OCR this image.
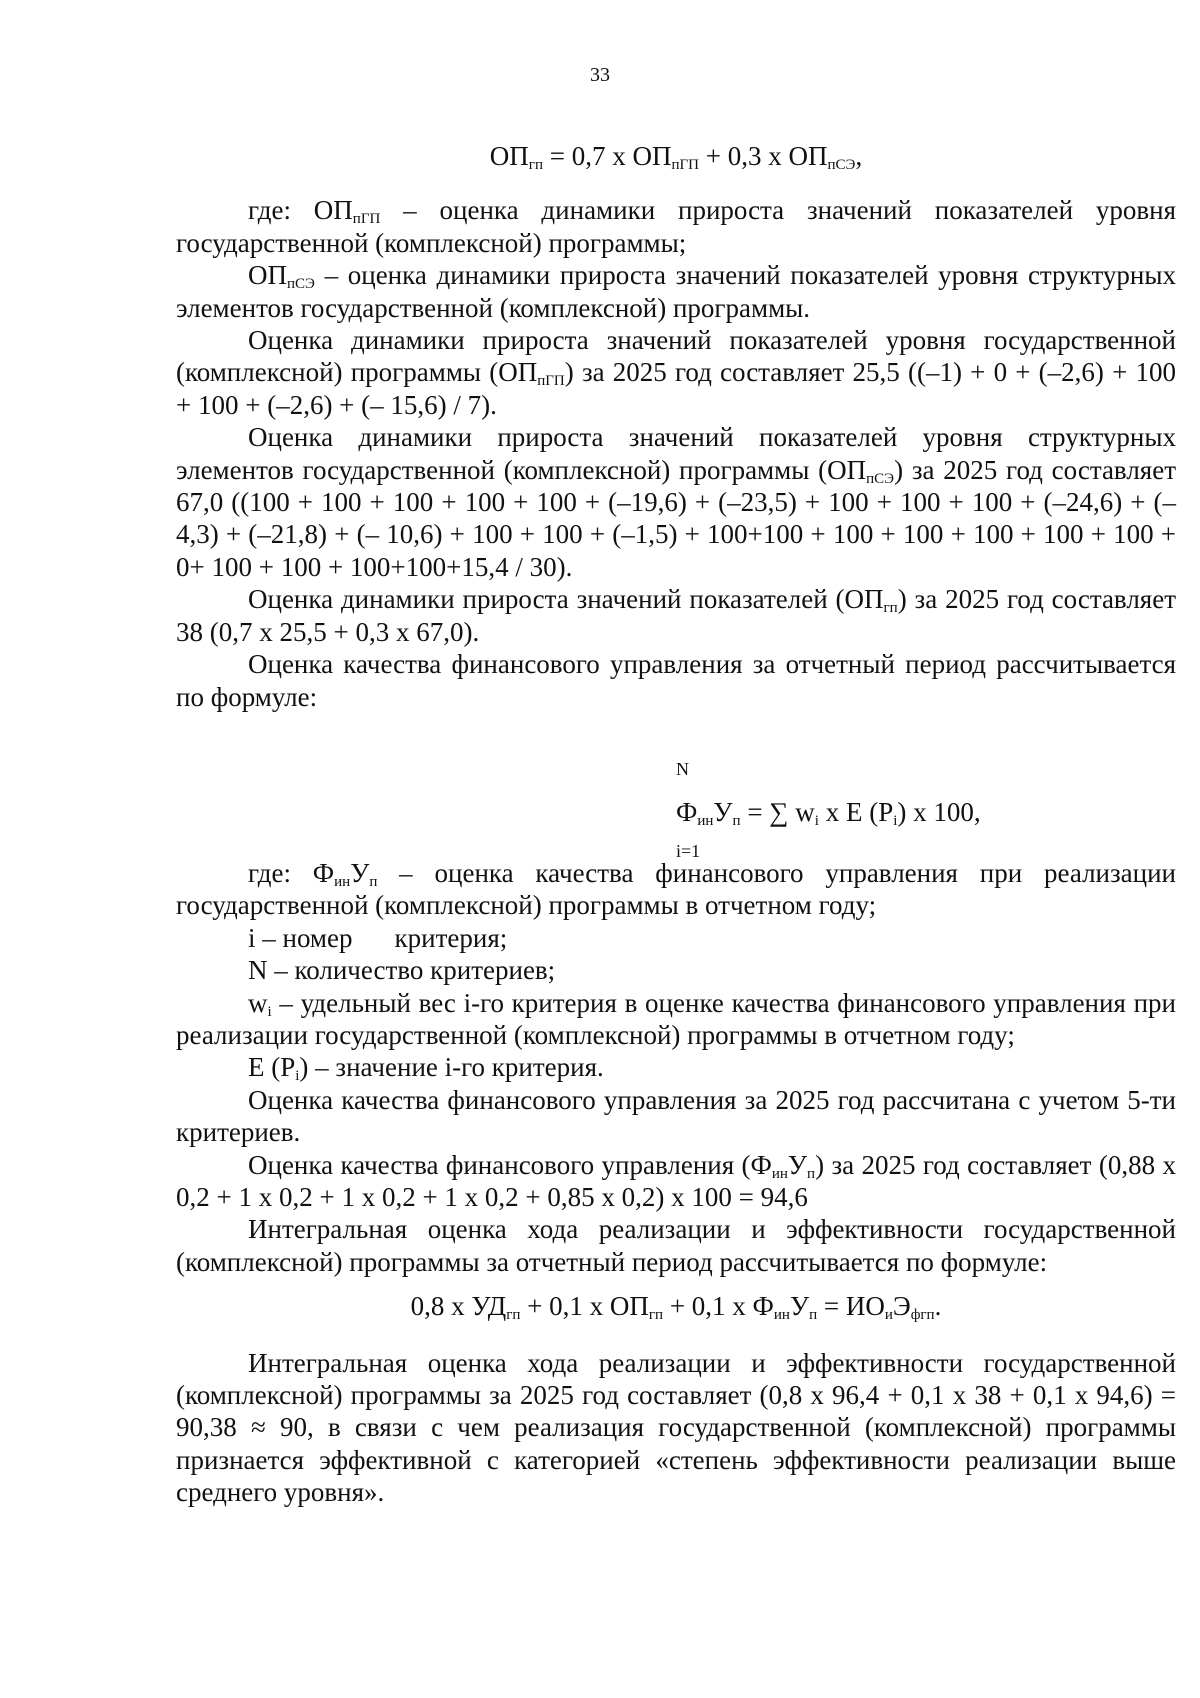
33

$ОП_{гп} = 0,7$ x $ОП_{пГП} + 0,3$ x $ОП_{пСЭ}$,

где: $ОП_{пГП}$ – оценка динамики прироста значений показателей уровня государственной (комплексной) программы;

$ОП_{пСЭ}$ – оценка динамики прироста значений показателей уровня структурных элементов государственной (комплексной) программы.

Оценка динамики прироста значений показателей уровня государственной (комплексной) программы $(ОП_{пГП})$ за 2025 год составляет 25,5 ((–1) + 0 + (–2,6) + 100 + 100 + (–2,6) + (– 15,6) / 7).

Оценка динамики прироста значений показателей уровня структурных элементов государственной (комплексной) программы $(ОП_{пСЭ})$ за 2025 год составляет 67,0 ((100 + 100 + 100 + 100 + 100 + (–19,6) + (–23,5) + 100 + 100 + 100 + (–24,6) + (–4,3) + (–21,8) + (– 10,6) + 100 + 100 + (–1,5) + 100+100 + 100 + 100 + 100 + 100 + 100 + 0+ 100 + 100 + 100+100+15,4 / 30).

Оценка динамики прироста значений показателей $(ОП_{гп})$ за 2025 год составляет 38 (0,7 x 25,5 + 0,3 x 67,0).

Оценка качества финансового управления за отчетный период рассчитывается по формуле:

N
$Ф_{ин}У_п$ = ∑ $w_i$ x E $(P_i)$ x 100,
i=1

где: $Ф_{ин}У_п$ – оценка качества финансового управления при реализации государственной (комплексной) программы в отчетном году;

i – номер критерия;

N – количество критериев;

$w_i$ – удельный вес i-го критерия в оценке качества финансового управления при реализации государственной (комплексной) программы в отчетном году;

E $(P_i)$ – значение i-го критерия.

Оценка качества финансового управления за 2025 год рассчитана с учетом 5-ти критериев.

Оценка качества финансового управления $(Ф_{ин}У_п)$ за 2025 год составляет (0,88 x 0,2 + 1 x 0,2 + 1 x 0,2 + 1 x 0,2 + 0,85 x 0,2) x 100 = 94,6

Интегральная оценка хода реализации и эффективности государственной (комплексной) программы за отчетный период рассчитывается по формуле:

0,8 x $УД_{гп} + 0,1$ x $ОП_{гп} + 0,1$ x $Ф_{ин}У_п = ИО_иЭ_{фгп}$.

Интегральная оценка хода реализации и эффективности государственной (комплексной) программы за 2025 год составляет (0,8 x 96,4 + 0,1 x 38 + 0,1 x 94,6) = 90,38 ≈ 90, в связи с чем реализация государственной (комплексной) программы признается эффективной с категорией «степень эффективности реализации выше среднего уровня».
